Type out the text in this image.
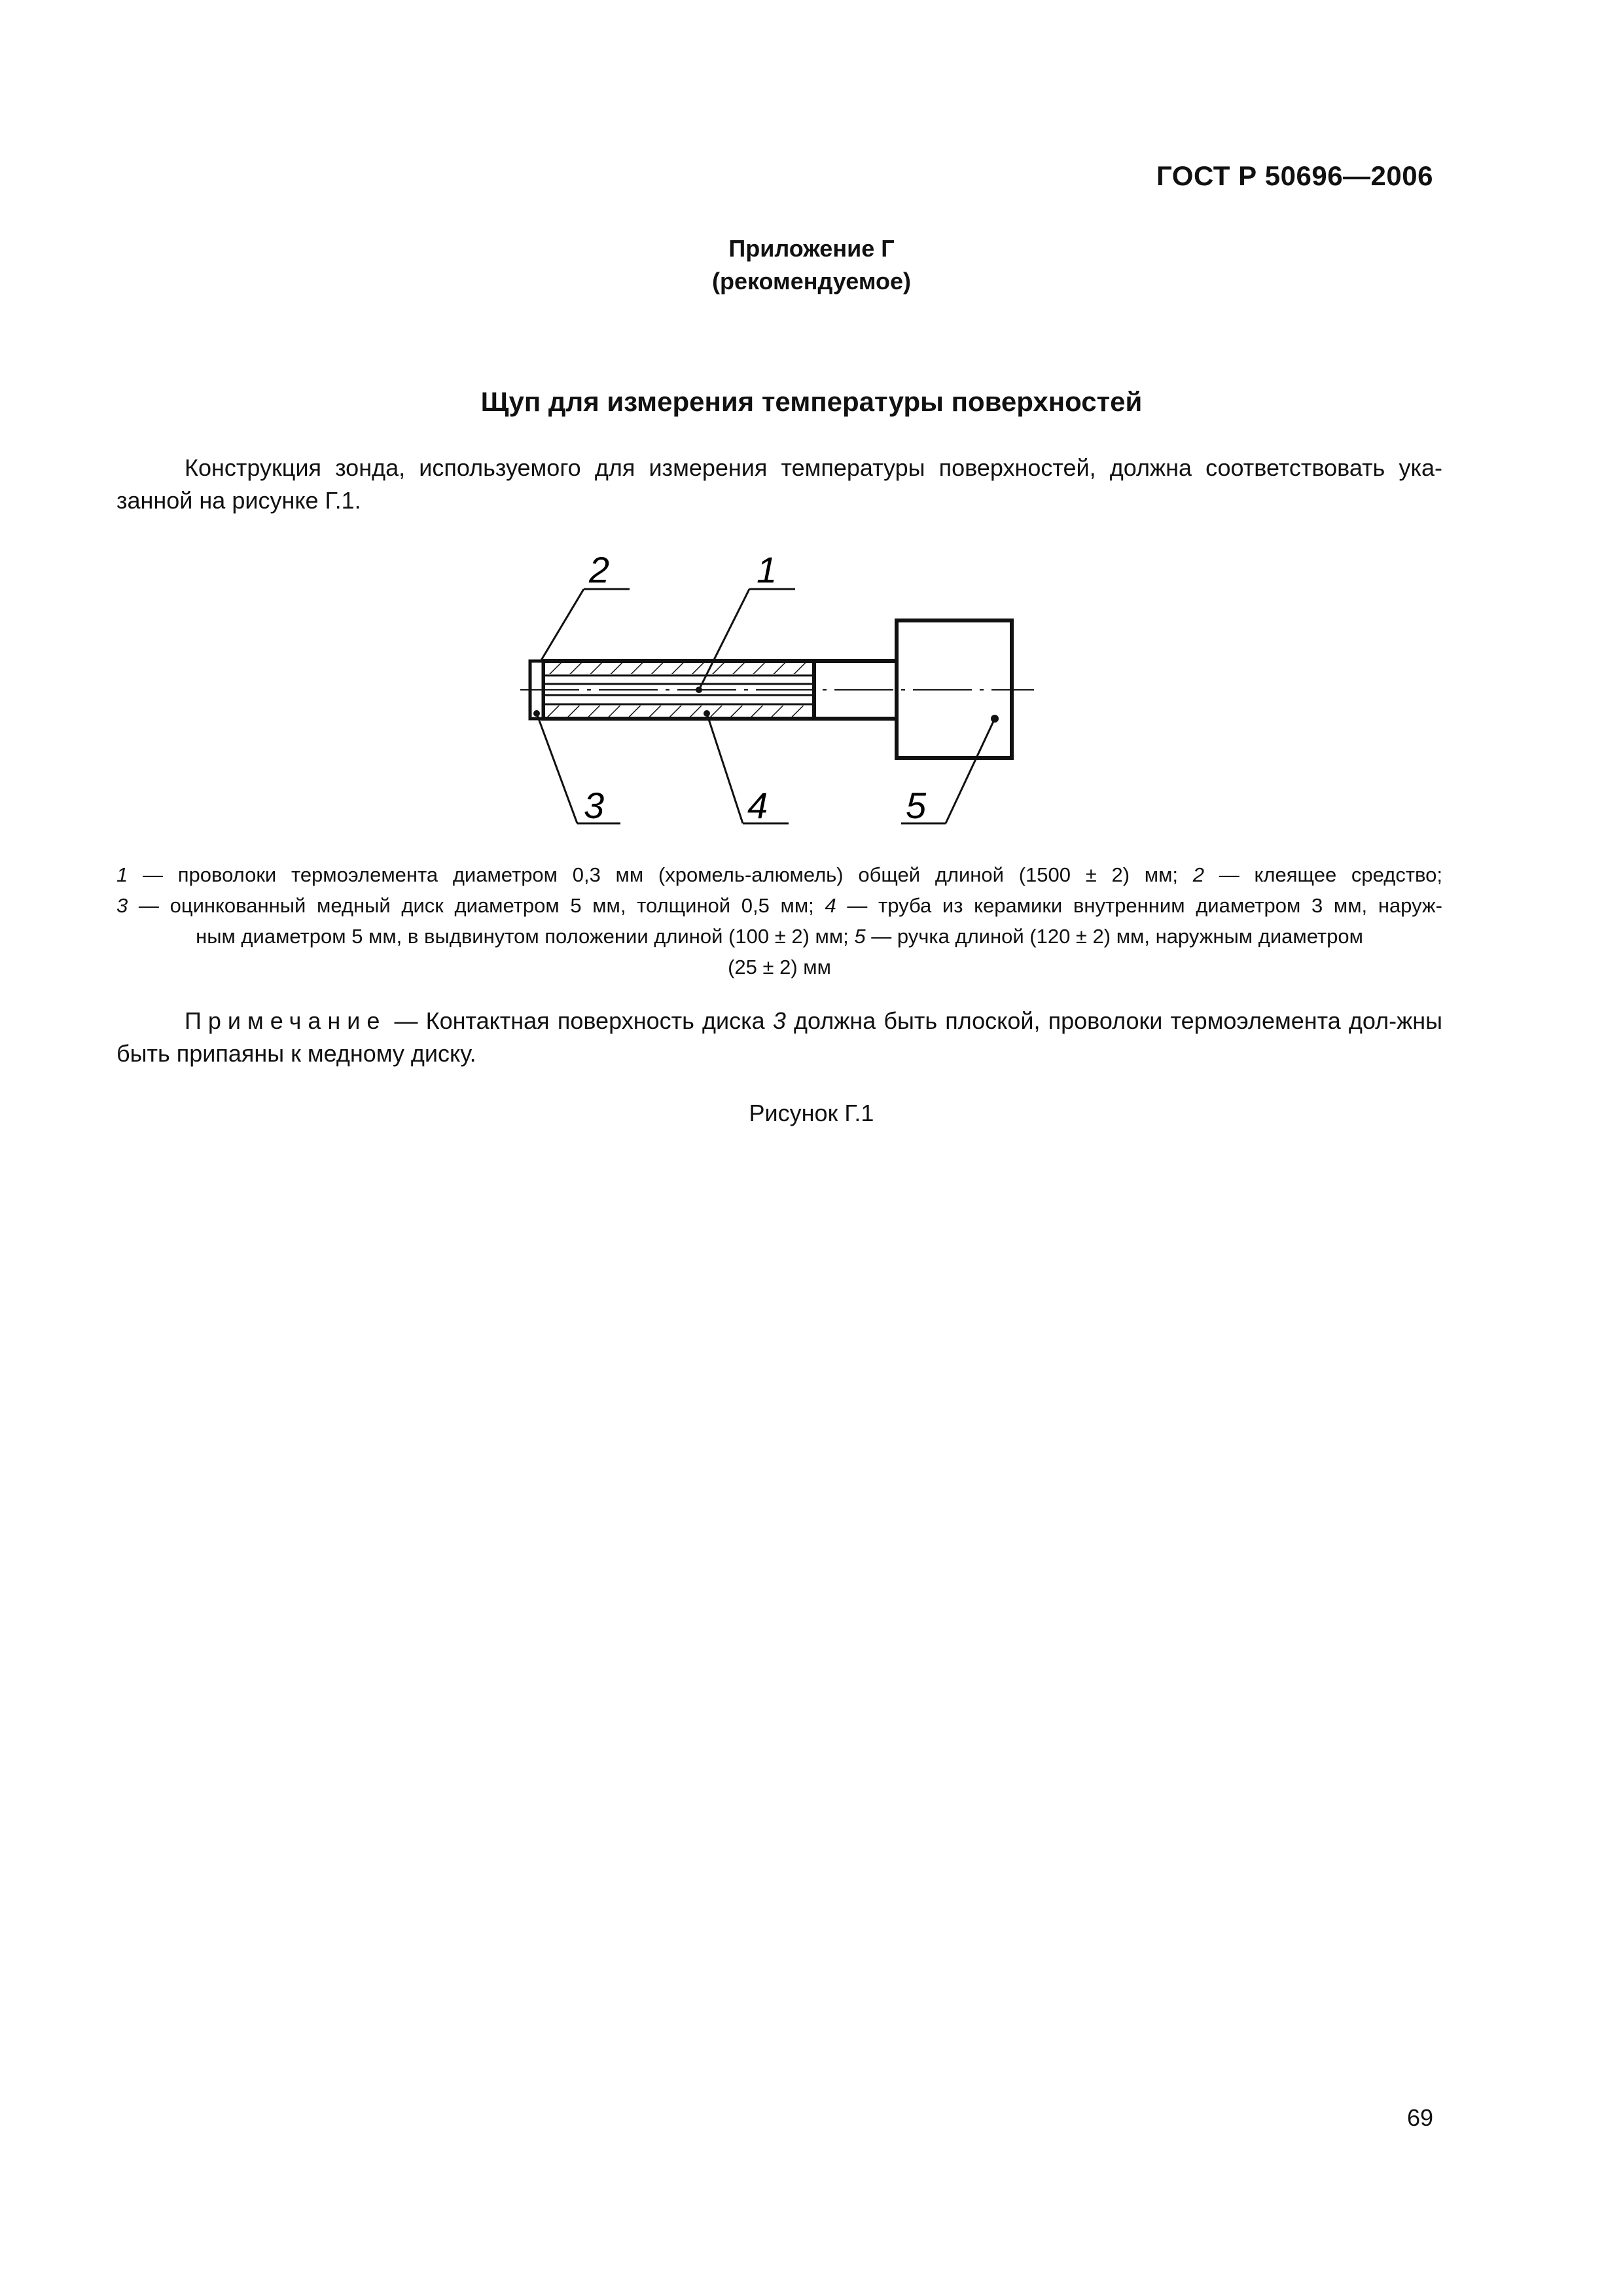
ГОСТ Р 50696—2006
Приложение Г
(рекомендуемое)
Щуп для измерения температуры поверхностей
Конструкция зонда, используемого для измерения температуры поверхностей, должна соответствовать ука-занной на рисунке Г.1.
2	1
3	4	5
1 — проволоки термоэлемента диаметром 0,3 мм (хромель-алюмель) общей длиной (1500 ± 2) мм; 2 — клеящее средство;
3 — оцинкованный медный диск диаметром 5 мм, толщиной 0,5 мм; 4 — труба из керамики внутренним диаметром 3 мм, наруж-
ным диаметром 5 мм, в выдвинутом положении длиной (100 ± 2) мм; 5 — ручка длиной (120 ± 2) мм, наружным диаметром
(25 ± 2) мм
Примечание — Контактная поверхность диска 3 должна быть плоской, проволоки термоэлемента дол-жны быть припаяны к медному диску.
Рисунок Г.1
69
